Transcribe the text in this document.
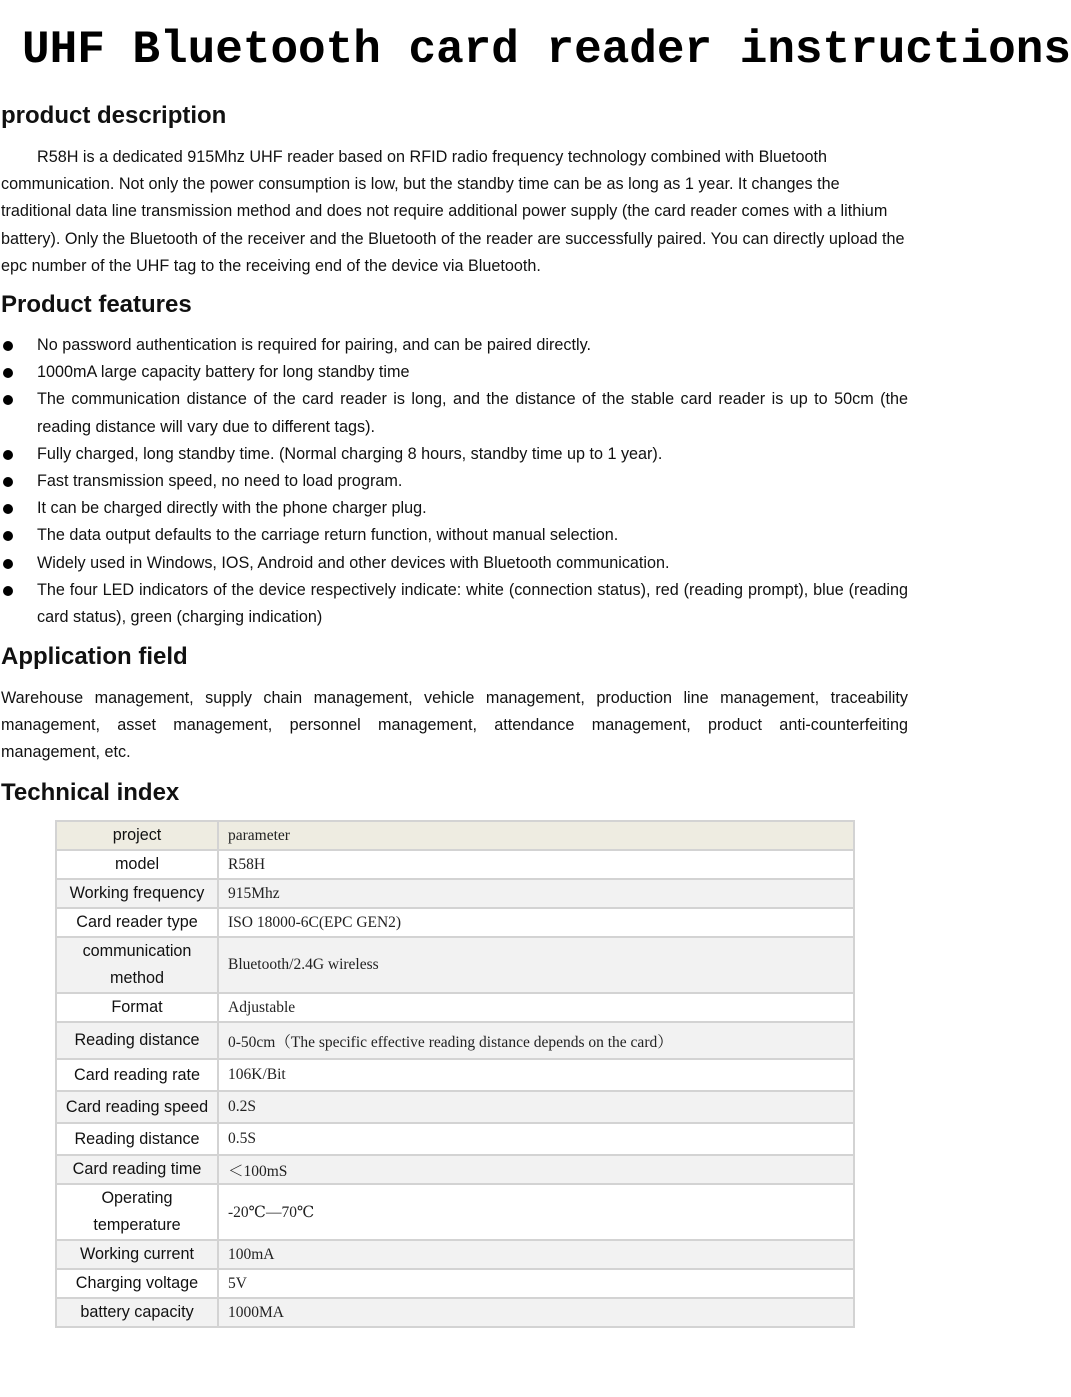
UHF Bluetooth card reader instructions
product description

R58H is a dedicated 915Mhz UHF reader based on RFID radio frequency technology combined with Bluetooth communication. Not only the power consumption is low, but the standby time can be as long as 1 year. It changes the traditional data line transmission method and does not require additional power supply (the card reader comes with a lithium battery). Only the Bluetooth of the receiver and the Bluetooth of the reader are successfully paired. You can directly upload the epc number of the UHF tag to the receiving end of the device via Bluetooth.

Product features
No password authentication is required for pairing, and can be paired directly.
1000mA large capacity battery for long standby time
The communication distance of the card reader is long, and the distance of the stable card reader is up to 50cm (the reading distance will vary due to different tags).
Fully charged, long standby time. (Normal charging 8 hours, standby time up to 1 year).
Fast transmission speed, no need to load program.
It can be charged directly with the phone charger plug.
The data output defaults to the carriage return function, without manual selection.
Widely used in Windows, IOS, Android and other devices with Bluetooth communication.
The four LED indicators of the device respectively indicate: white (connection status), red (reading prompt), blue (reading card status), green (charging indication)
Application field

Warehouse management, supply chain management, vehicle management, production line management, traceability management, asset management, personnel management, attendance management, product anti-counterfeiting management, etc.

Technical index
project	parameter
model	R58H
Working frequency	915Mhz
Card reader type	ISO 18000-6C(EPC GEN2)
communication method	Bluetooth/2.4G wireless
Format	Adjustable
Reading distance	0-50cm（The specific effective reading distance depends on the card）
Card reading rate	106K/Bit
Card reading speed	0.2S
Reading distance	0.5S
Card reading time	＜100mS
Operating temperature	-20℃—70℃
Working current	100mA
Charging voltage	5V
battery capacity	1000MA
